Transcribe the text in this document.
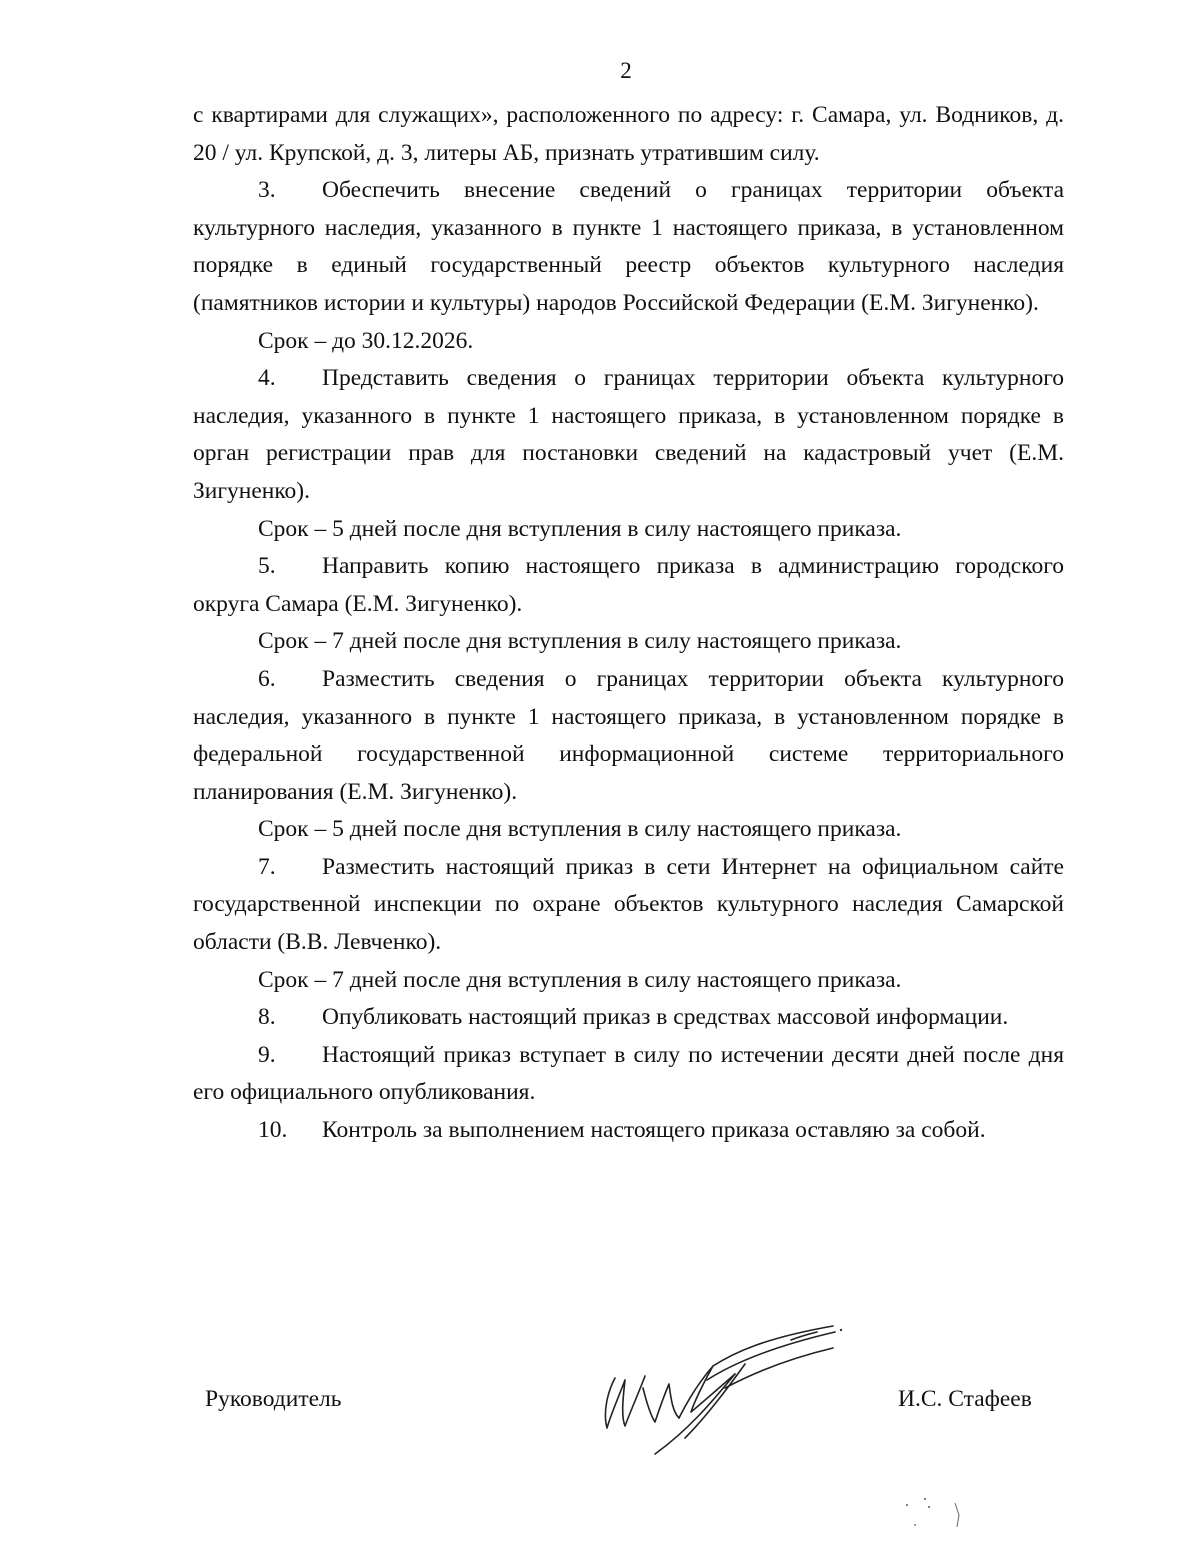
2

с квартирами для служащих», расположенного по адресу: г. Самара, ул. Водников, д. 20 / ул. Крупской, д. 3, литеры АБ, признать утратившим силу.

3. Обеспечить внесение сведений о границах территории объекта культурного наследия, указанного в пункте 1 настоящего приказа, в установленном порядке в единый государственный реестр объектов культурного наследия (памятников истории и культуры) народов Российской Федерации (Е.М. Зигуненко).

Срок – до 30.12.2026.

4. Представить сведения о границах территории объекта культурного наследия, указанного в пункте 1 настоящего приказа, в установленном порядке в орган регистрации прав для постановки сведений на кадастровый учет (Е.М. Зигуненко).

Срок – 5 дней после дня вступления в силу настоящего приказа.

5. Направить копию настоящего приказа в администрацию городского округа Самара (Е.М. Зигуненко).

Срок – 7 дней после дня вступления в силу настоящего приказа.

6. Разместить сведения о границах территории объекта культурного наследия, указанного в пункте 1 настоящего приказа, в установленном порядке в федеральной государственной информационной системе территориального планирования (Е.М. Зигуненко).

Срок – 5 дней после дня вступления в силу настоящего приказа.

7. Разместить настоящий приказ в сети Интернет на официальном сайте государственной инспекции по охране объектов культурного наследия Самарской области (В.В. Левченко).

Срок – 7 дней после дня вступления в силу настоящего приказа.

8. Опубликовать настоящий приказ в средствах массовой информации.

9. Настоящий приказ вступает в силу по истечении десяти дней после дня его официального опубликования.

10. Контроль за выполнением настоящего приказа оставляю за собой.

Руководитель	И.С. Стафеев
